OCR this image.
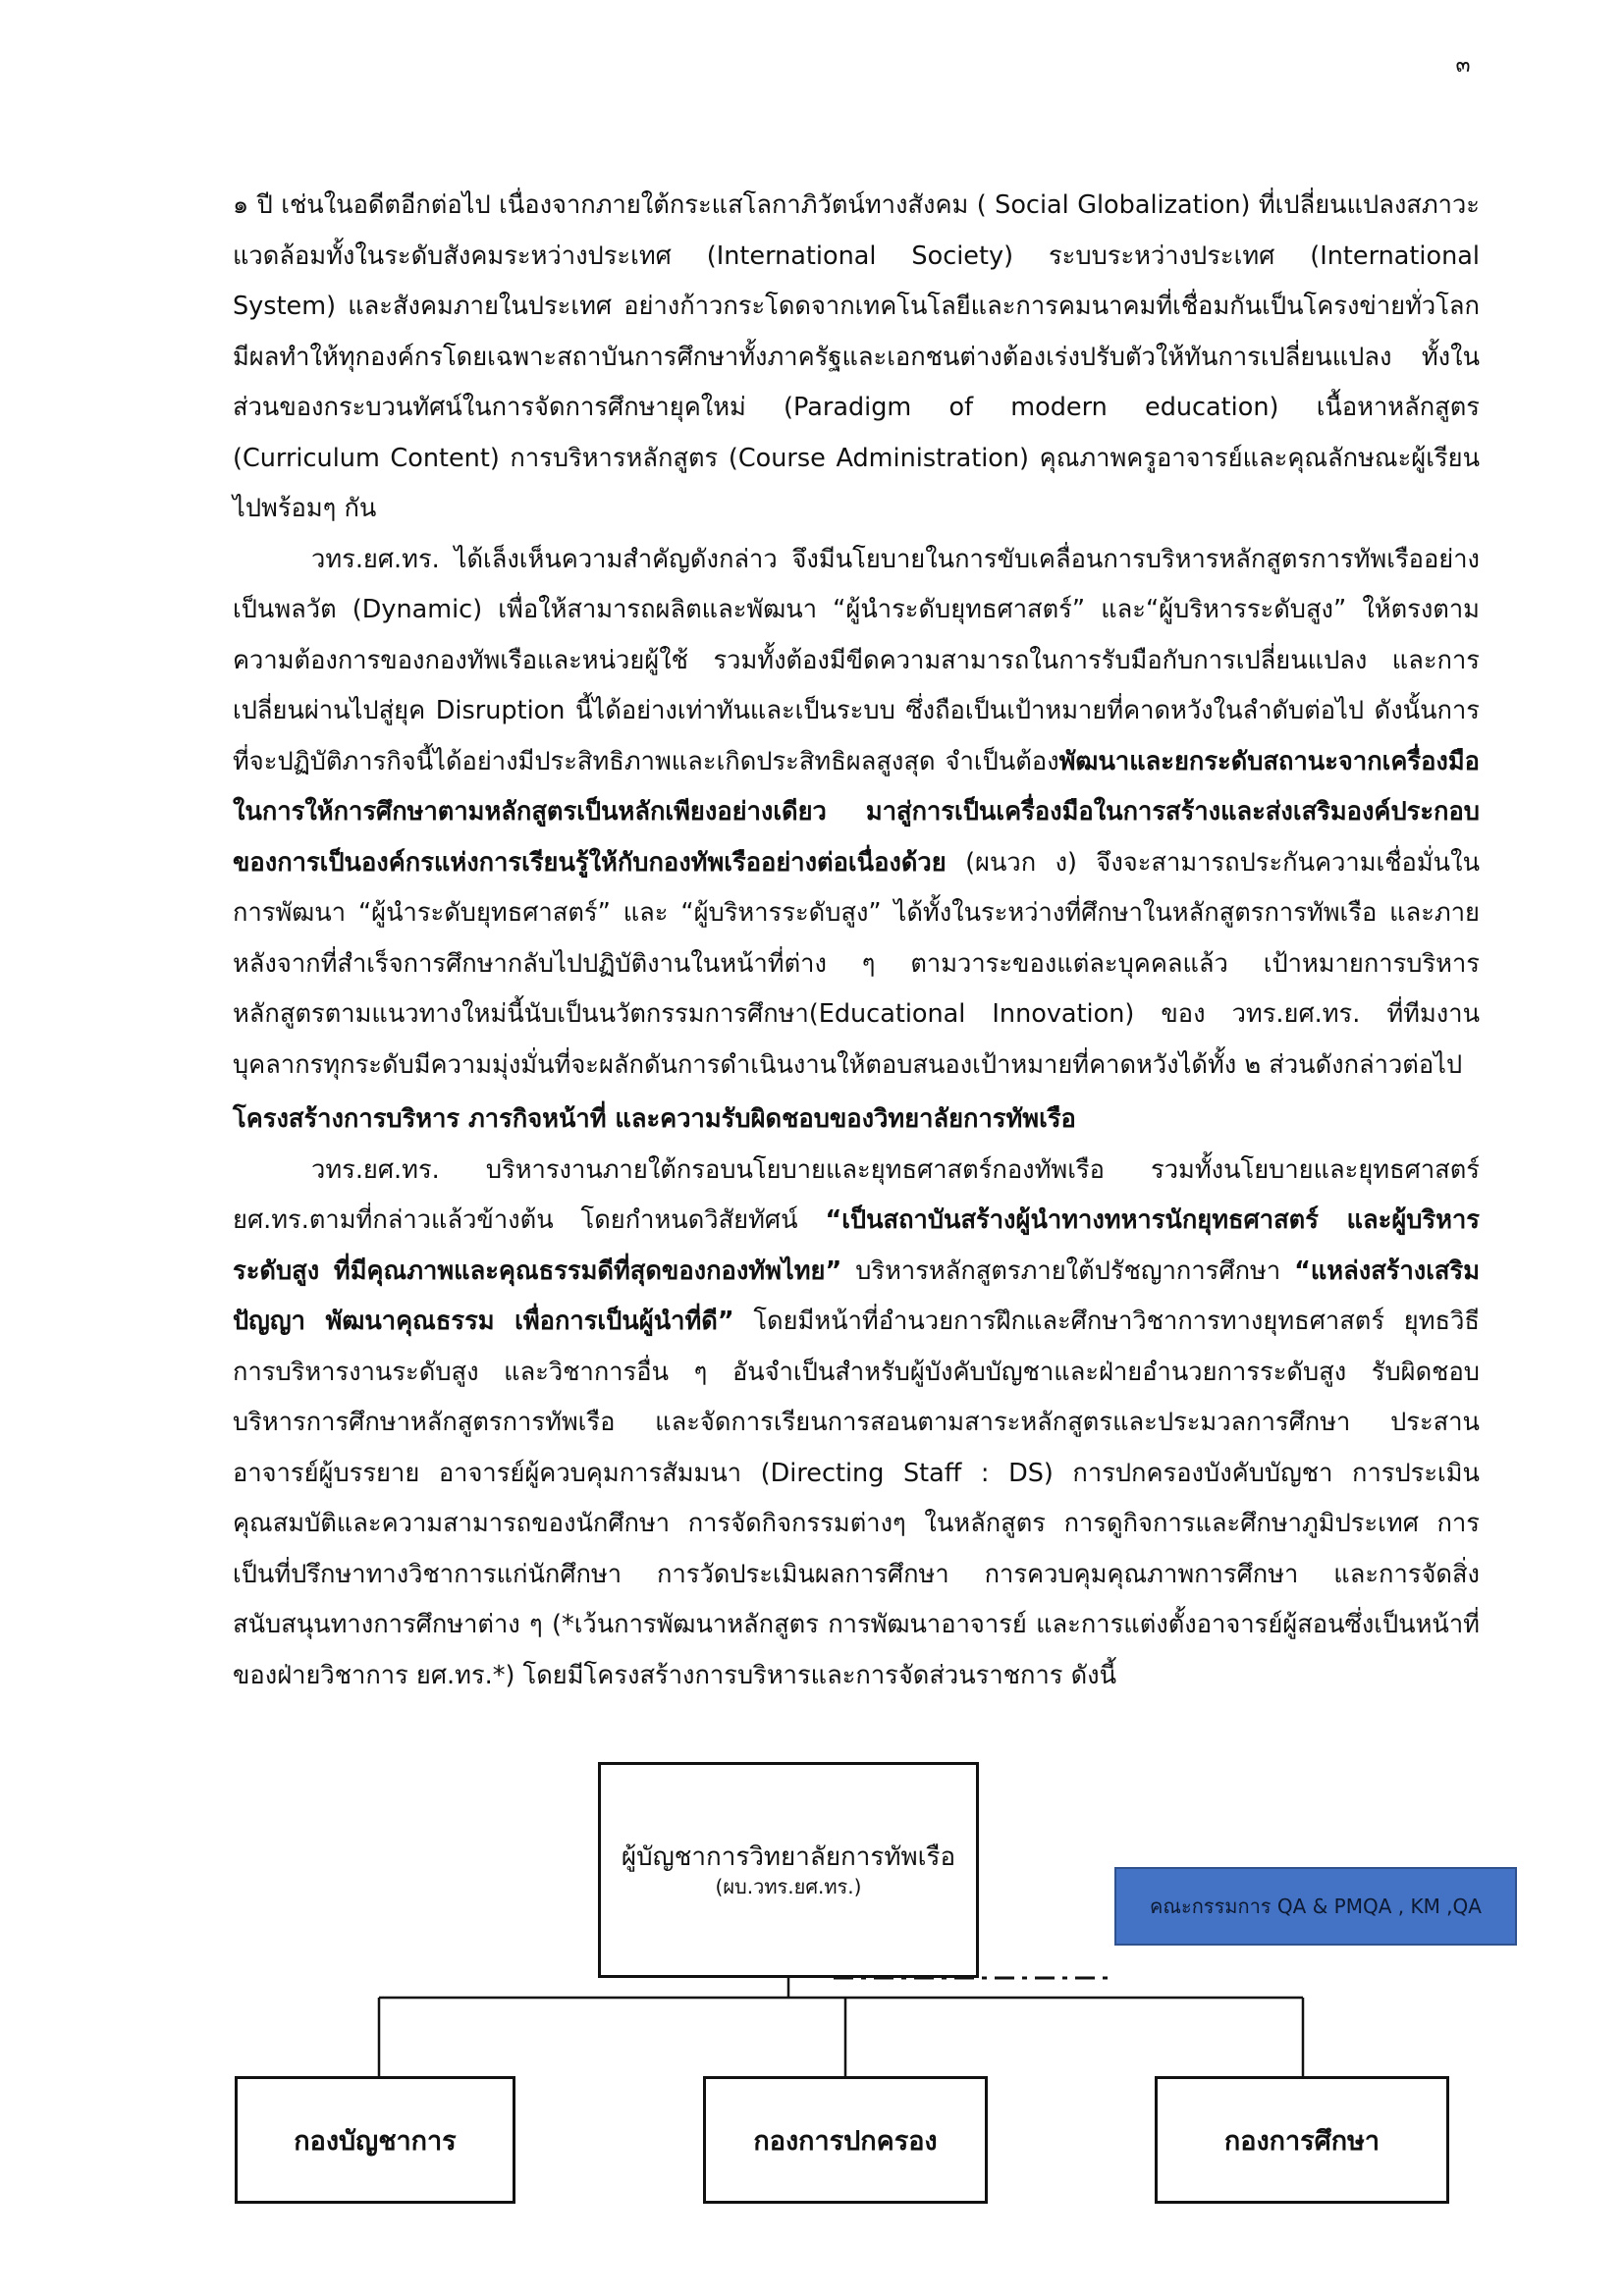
๓

๑ ปี เช่นในอดีตอีกต่อไป เนื่องจากภายใต้กระแสโลกาภิวัตน์ทางสังคม ( Social Globalization) ที่เปลี่ยนแปลงสภาวะแวดล้อมทั้งในระดับสังคมระหว่างประเทศ (International Society) ระบบระหว่างประเทศ (International System) และสังคมภายในประเทศ อย่างก้าวกระโดดจากเทคโนโลยีและการคมนาคมที่เชื่อมกันเป็นโครงข่ายทั่วโลกมีผลทำให้ทุกองค์กรโดยเฉพาะสถาบันการศึกษาทั้งภาครัฐและเอกชนต่างต้องเร่งปรับตัวให้ทันการเปลี่ยนแปลง ทั้งในส่วนของกระบวนทัศน์ในการจัดการศึกษายุคใหม่ (Paradigm of modern education) เนื้อหาหลักสูตร (Curriculum Content) การบริหารหลักสูตร (Course Administration) คุณภาพครูอาจารย์และคุณลักษณะผู้เรียนไปพร้อมๆ กัน

วทร.ยศ.ทร. ได้เล็งเห็นความสำคัญดังกล่าว จึงมีนโยบายในการขับเคลื่อนการบริหารหลักสูตรการทัพเรืออย่างเป็นพลวัต (Dynamic) เพื่อให้สามารถผลิตและพัฒนา “ผู้นำระดับยุทธศาสตร์” และ“ผู้บริหารระดับสูง” ให้ตรงตามความต้องการของกองทัพเรือและหน่วยผู้ใช้ รวมทั้งต้องมีขีดความสามารถในการรับมือกับการเปลี่ยนแปลง และการเปลี่ยนผ่านไปสู่ยุค Disruption นี้ได้อย่างเท่าทันและเป็นระบบ ซึ่งถือเป็นเป้าหมายที่คาดหวังในลำดับต่อไป ดังนั้นการที่จะปฏิบัติภารกิจนี้ได้อย่างมีประสิทธิภาพและเกิดประสิทธิผลสูงสุด จำเป็นต้องพัฒนาและยกระดับสถานะจากเครื่องมือในการให้การศึกษาตามหลักสูตรเป็นหลักเพียงอย่างเดียว มาสู่การเป็นเครื่องมือในการสร้างและส่งเสริมองค์ประกอบของการเป็นองค์กรแห่งการเรียนรู้ให้กับกองทัพเรืออย่างต่อเนื่องด้วย (ผนวก ง) จึงจะสามารถประกันความเชื่อมั่นในการพัฒนา “ผู้นำระดับยุทธศาสตร์” และ “ผู้บริหารระดับสูง” ได้ทั้งในระหว่างที่ศึกษาในหลักสูตรการทัพเรือ และภายหลังจากที่สำเร็จการศึกษากลับไปปฏิบัติงานในหน้าที่ต่าง ๆ ตามวาระของแต่ละบุคคลแล้ว เป้าหมายการบริหารหลักสูตรตามแนวทางใหม่นี้นับเป็นนวัตกรรมการศึกษา(Educational Innovation) ของ วทร.ยศ.ทร. ที่ทีมงานบุคลากรทุกระดับมีความมุ่งมั่นที่จะผลักดันการดำเนินงานให้ตอบสนองเป้าหมายที่คาดหวังได้ทั้ง ๒ ส่วนดังกล่าวต่อไป

โครงสร้างการบริหาร ภารกิจหน้าที่ และความรับผิดชอบของวิทยาลัยการทัพเรือ

วทร.ยศ.ทร. บริหารงานภายใต้กรอบนโยบายและยุทธศาสตร์กองทัพเรือ รวมทั้งนโยบายและยุทธศาสตร์ ยศ.ทร.ตามที่กล่าวแล้วข้างต้น โดยกำหนดวิสัยทัศน์ “เป็นสถาบันสร้างผู้นำทางทหารนักยุทธศาสตร์ และผู้บริหารระดับสูง ที่มีคุณภาพและคุณธรรมดีที่สุดของกองทัพไทย” บริหารหลักสูตรภายใต้ปรัชญาการศึกษา “แหล่งสร้างเสริมปัญญา พัฒนาคุณธรรม เพื่อการเป็นผู้นำที่ดี” โดยมีหน้าที่อำนวยการฝึกและศึกษาวิชาการทางยุทธศาสตร์ ยุทธวิธี การบริหารงานระดับสูง และวิชาการอื่น ๆ อันจำเป็นสำหรับผู้บังคับบัญชาและฝ่ายอำนวยการระดับสูง รับผิดชอบบริหารการศึกษาหลักสูตรการทัพเรือ และจัดการเรียนการสอนตามสาระหลักสูตรและประมวลการศึกษา ประสานอาจารย์ผู้บรรยาย อาจารย์ผู้ควบคุมการสัมมนา (Directing Staff : DS) การปกครองบังคับบัญชา การประเมินคุณสมบัติและความสามารถของนักศึกษา การจัดกิจกรรมต่างๆ ในหลักสูตร การดูกิจการและศึกษาภูมิประเทศ การเป็นที่ปรึกษาทางวิชาการแก่นักศึกษา การวัดประเมินผลการศึกษา การควบคุมคุณภาพการศึกษา และการจัดสิ่งสนับสนุนทางการศึกษาต่าง ๆ (*เว้นการพัฒนาหลักสูตร การพัฒนาอาจารย์ และการแต่งตั้งอาจารย์ผู้สอนซึ่งเป็นหน้าที่ของฝ่ายวิชาการ ยศ.ทร.*) โดยมีโครงสร้างการบริหารและการจัดส่วนราชการ ดังนี้

ผู้บัญชาการวิทยาลัยการทัพเรือ
(ผบ.วทร.ยศ.ทร.)
คณะกรรมการ QA & PMQA , KM ,QA
กองบัญชาการ	กองการปกครอง	กองการศึกษา
